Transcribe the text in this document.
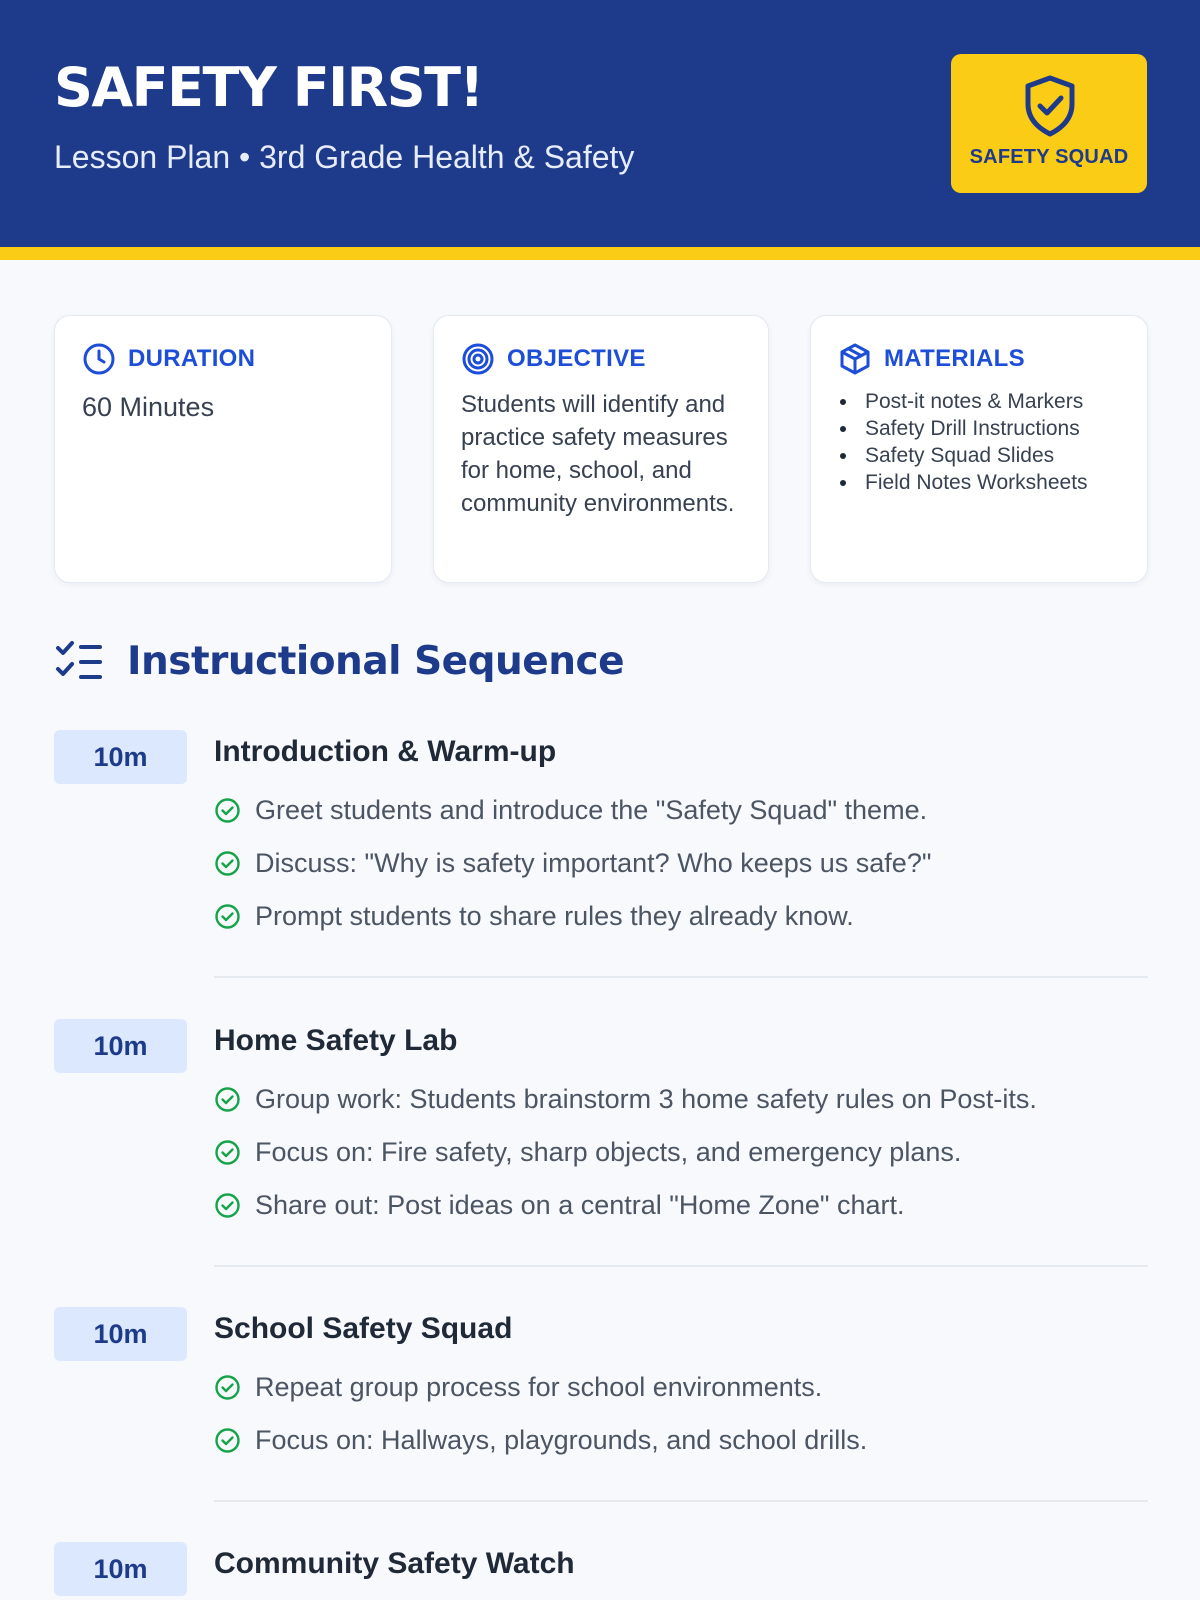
SAFETY FIRST!
Lesson Plan • 3rd Grade Health & Safety	SAFETY SQUAD
DURATION
60 Minutes
OBJECTIVE
Students will identify and practice safety measures for home, school, and community environments.
MATERIALS
Post-it notes & Markers
Safety Drill Instructions
Safety Squad Slides
Field Notes Worksheets
Instructional Sequence
10m	Introduction & Warm-up
Greet students and introduce the "Safety Squad" theme.
Discuss: "Why is safety important? Who keeps us safe?"
Prompt students to share rules they already know.
10m	Home Safety Lab
Group work: Students brainstorm 3 home safety rules on Post-its.
Focus on: Fire safety, sharp objects, and emergency plans.
Share out: Post ideas on a central "Home Zone" chart.
10m	School Safety Squad
Repeat group process for school environments.
Focus on: Hallways, playgrounds, and school drills.
10m	Community Safety Watch
